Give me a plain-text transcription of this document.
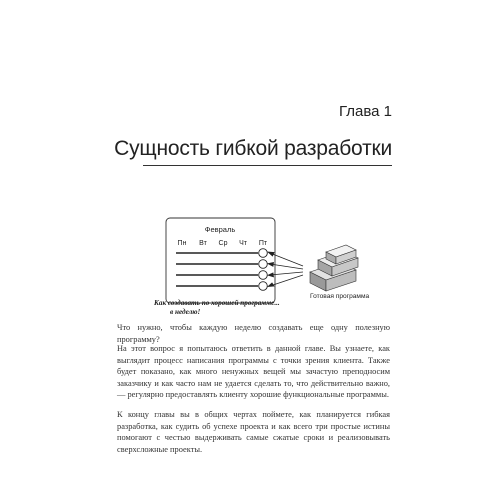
Глава 1
Сущность гибкой разработки
Февраль
Пн Вт Ср Чт Пт
Готовая программа
Как создавать по хорошей программе...
в неделю!
Что нужно, чтобы каждую неделю создавать еще одну полезную программу?
На этот вопрос я попытаюсь ответить в данной главе. Вы узнаете, как выглядит процесс написания программы с точки зрения клиента. Также будет показано, как много ненужных вещей мы зачастую преподносим заказчику и как часто нам не удается сделать то, что действительно важно, — регулярно предоставлять клиенту хорошие функциональные программы.
К концу главы вы в общих чертах поймете, как планируется гибкая разработка, как судить об успехе проекта и как всего три простые истины помогают с честью выдерживать самые сжатые сроки и реализовывать сверхсложные проекты.
